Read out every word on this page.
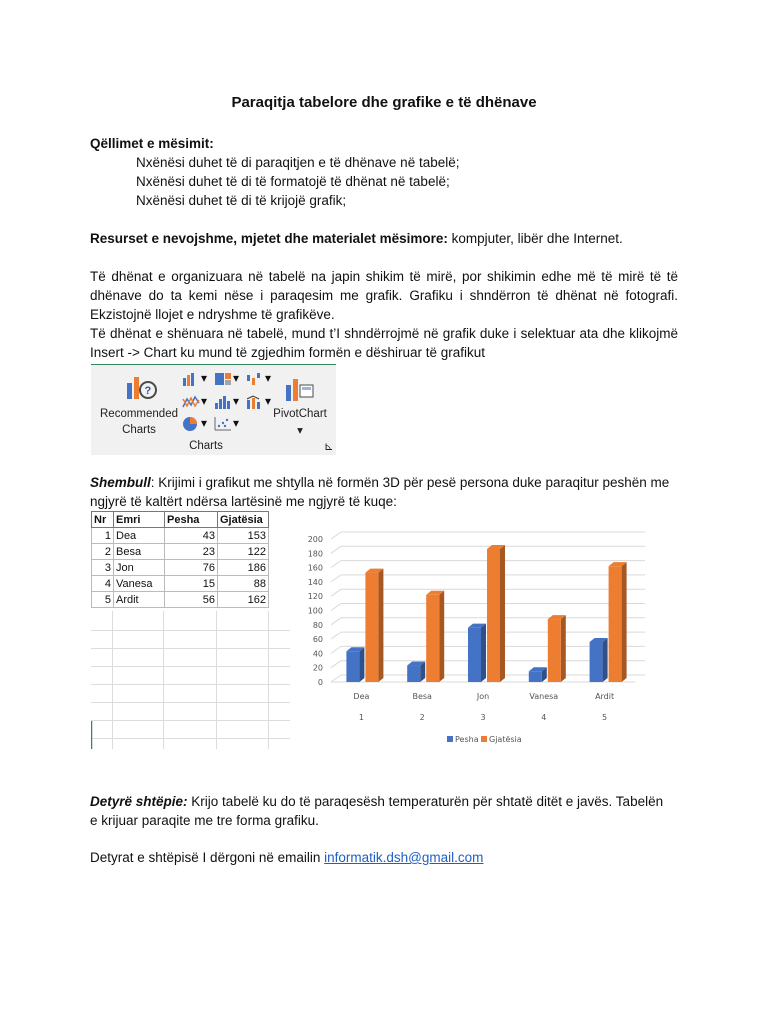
Paraqitja tabelore dhe grafike e të dhënave
Qëllimet e mësimit:
Nxënësi duhet të di paraqitjen e të dhënave në tabelë;
Nxënësi duhet të di të formatojë të dhënat në tabelë;
Nxënësi duhet të di të krijojë grafik;
Resurset e nevojshme, mjetet dhe materialet mësimore: kompjuter, libër dhe Internet.
Të dhënat e organizuara në tabelë na japin shikim të mirë, por shikimin edhe më të mirë të të
dhënave do ta kemi nëse i paraqesim me grafik. Grafiku i shndërron të dhënat në fotografi.
Ekzistojnë llojet e ndryshme të grafikëve.
Të dhënat e shënuara në tabelë, mund t’I shndërrojmë në grafik duke i selektuar ata dhe klikojmë
Insert -> Chart ku mund të zgjedhim formën e dëshiruar të grafikut
?
Recommended
Charts
▾ ▾ ▾
▾ ▾ ▾
▾ ▾
PivotChart
▾
Charts	⊾
Shembull: Krijimi i grafikut me shtylla në formën 3D për pesë persona duke paraqitur peshën me
ngjyrë të kaltërt ndërsa lartësinë me ngjyrë të kuqe:
Nr	Emri	Pesha	Gjatësia
1	Dea	43	153
2	Besa	23	122
3	Jon	76	186
4	Vanesa	15	88
5	Ardit	56	162
0
20
40
60
80
100
120
140
160
180
200
Dea
1
Besa
2
Jon
3
Vanesa
4
Ardit
5
Pesha Gjatësia
Detyrë shtëpie: Krijo tabelë ku do të paraqesësh temperaturën për shtatë ditët e javës. Tabelën
e krijuar paraqite me tre forma grafiku.
Detyrat e shtëpisë I dërgoni në emailin informatik.dsh@gmail.com
